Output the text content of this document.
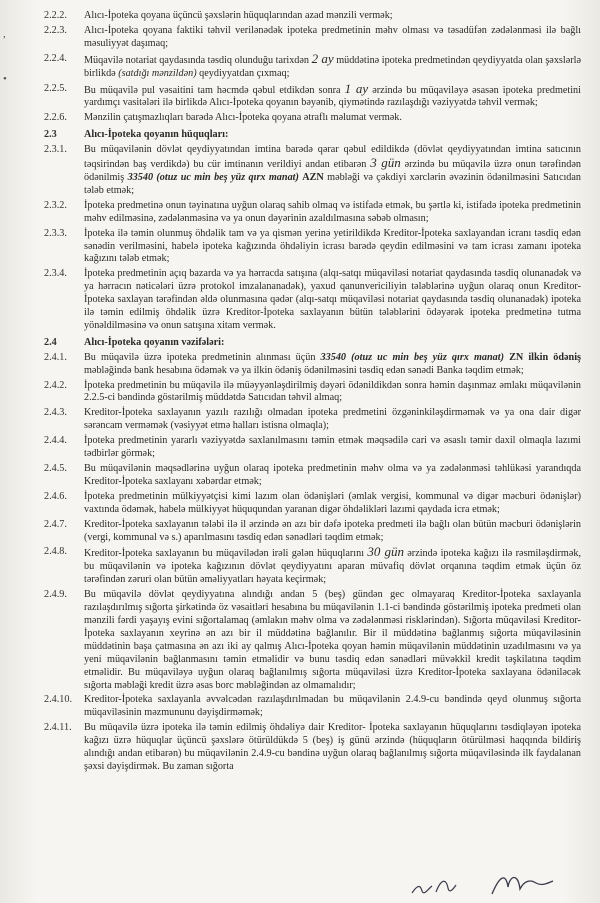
,
•
2.2.2.	Alıcı-İpoteka qoyana üçüncü şəxslərin hüquqlarından azad mənzili vermək;
2.2.3.	Alıcı-İpoteka qoyana faktiki təhvil verilənədək ipoteka predmetinin məhv olması və təsadüfən zədələnməsi ilə bağlı məsuliyyət daşımaq;
2.2.4.	Müqavilə notariat qaydasında təsdiq olunduğu tarixdən 2 ay müddətinə ipoteka predmetindən qeydiyyatda olan şəxslərlə birlikdə (satdığı mənzildən) qeydiyyatdan çıxmaq;
2.2.5.	Bu müqavilə pul vəsaitini tam həcmdə qəbul etdikdən sonra 1 ay ərzində bu müqaviləyə əsasən ipoteka predmetini yardımçı vasitələri ilə birlikdə Alıcı-İpoteka qoyanın bəyənib, qiymətində razılaşdığı vəziyyətdə təhvil vermək;
2.2.6.	Mənzilin çatışmazlıqları barədə Alıcı-İpoteka qoyana ətraflı məlumat vermək.
2.3	Alıcı-İpoteka qoyanın hüquqları:
2.3.1.	Bu müqavilənin dövlət qeydiyyatından imtina barədə qərar qəbul edildikdə (dövlət qeydiyyatından imtina satıcının təqsirindən baş verdikdə) bu cür imtinanın verildiyi andan etibarən 3 gün ərzində bu müqavilə üzrə onun tərəfindən ödənilmiş 33540 (otuz uc min beş yüz qırx manat) AZN məbləği və çəkdiyi xərclərin əvəzinin ödənilməsini Satıcıdan tələb etmək;
2.3.2.	İpoteka predmetinə onun təyinatına uyğun olaraq sahib olmaq və istifadə etmək, bu şərtlə ki, istifadə ipoteka predmetinin məhv edilməsinə, zədələnməsinə və ya onun dəyərinin azaldılmasına səbəb olmasın;
2.3.3.	İpoteka ilə təmin olunmuş öhdəlik tam və ya qismən yerinə yetirildikdə Kreditor-İpoteka saxlayandan icranı təsdiq edən sənədin verilməsini, habelə ipoteka kağızında öhdəliyin icrası barədə qeydin edilməsini və tam icrası zamanı ipoteka kağızını tələb etmək;
2.3.4.	İpoteka predmetinin açıq bazarda və ya hərracda satışına (alqı-satqı müqaviləsi notariat qaydasında təsdiq olunanadək və ya hərracın nəticələri üzrə protokol imzalananadək), yaxud qanunvericiliyin tələblərinə uyğun olaraq onun Kreditor-İpoteka saxlayan tərəfindən əldə olunmasına qədər (alqı-satqı müqaviləsi notariat qaydasında təsdiq olunanadək) ipoteka ilə təmin edilmiş öhdəlik üzrə Kreditor-İpoteka saxlayanın bütün tələblərini ödəyərək ipoteka predmetinə tutma yönəldilməsinə və onun satışına xitam vermək.
2.4	Alıcı-İpoteka qoyanın vəzifələri:
2.4.1.	Bu müqavilə üzrə ipoteka predmetinin alınması üçün 33540 (otuz uc min beş yüz qırx manat) ZN ilkin ödəniş məbləğində bank hesabına ödəmək və ya ilkin ödəniş ödənilməsini təsdiq edən sənədi Banka təqdim etmək;
2.4.2.	İpoteka predmetinin bu müqavilə ilə müəyyənləşdirilmiş dəyəri ödənildikdən sonra həmin daşınmaz əmlakı müqavilənin 2.2.5-ci bəndində göstərilmiş müddətdə Satıcıdan təhvil almaq;
2.4.3.	Kreditor-İpoteka saxlayanın yazılı razılığı olmadan ipoteka predmetini özgəninkiləşdirməmək və ya ona dair digər sərəncam verməmək (vəsiyyət etmə halları istisna olmaqla);
2.4.4.	İpoteka predmetinin yararlı vəziyyətdə saxlanılmasını təmin etmək məqsədilə cari və əsaslı təmir daxil olmaqla lazımi tədbirlər görmək;
2.4.5.	Bu müqavilənin məqsədlərinə uyğun olaraq ipoteka predmetinin məhv olma və ya zədələnməsi təhlükəsi yarandıqda Kreditor-İpoteka saxlayanı xəbərdar etmək;
2.4.6.	İpoteka predmetinin mülkiyyətçisi kimi lazım olan ödənişləri (əmlak vergisi, kommunal və digər məcburi ödənişlər) vaxtında ödəmək, habelə mülkiyyət hüququndan yaranan digər öhdəlikləri lazımi qaydada icra etmək;
2.4.7.	Kreditor-İpoteka saxlayanın tələbi ilə il ərzində ən azı bir dəfə ipoteka predmeti ilə bağlı olan bütün məcburi ödənişlərin (vergi, kommunal və s.) aparılmasını təsdiq edən sənədləri təqdim etmək;
2.4.8.	Kreditor-İpoteka saxlayanın bu müqavilədən irəli gələn hüquqlarını 30 gün ərzində ipoteka kağızı ilə rəsmiləşdirmək, bu müqavilənin və ipoteka kağızının dövlət qeydiyyatını aparan müvafiq dövlət orqanına təqdim etmək üçün öz tərəfindən zəruri olan bütün əməliyyatları həyata keçirmək;
2.4.9.	Bu müqavilə dövlət qeydiyyatına alındığı andan 5 (beş) gündən gec olmayaraq Kreditor-İpoteka saxlayanla razılaşdırılmış sığorta şirkətində öz vəsaitləri hesabına bu müqavilənin 1.1-ci bəndində göstərilmiş ipoteka predmeti olan mənzili fərdi yaşayış evini sığortalamaq (əmlakın məhv olma və zədələnməsi risklərindən). Sığorta müqaviləsi Kreditor-İpoteka saxlayanın xeyrinə ən azı bir il müddətinə bağlanılır. Bir il müddətinə bağlanmış sığorta müqaviləsinin müddətinin başa çatmasına ən azı iki ay qalmış Alıcı-İpoteka qoyan həmin müqavilənin müddətinin uzadılmasını və ya yeni müqavilənin bağlanmasını təmin etməlidir və bunu təsdiq edən sənədləri müvəkkil kredit təşkilatına təqdim etməlidir. Bu müqaviləyə uyğun olaraq bağlanılmış sığorta müqaviləsi üzrə Kreditor-İpoteka saxlayana ödəniləcək sığorta məbləği kredit üzrə əsas borc məbləğindən az olmamalıdır;
2.4.10.	Kreditor-İpoteka saxlayanla əvvəlcədən razılaşdırılmadan bu müqavilənin 2.4.9-cu bəndində qeyd olunmuş sığorta müqaviləsinin məzmununu dəyişdirməmək;
2.4.11.	Bu müqavilə üzrə ipoteka ilə təmin edilmiş öhdəliyə dair Kreditor- İpoteka saxlayanın hüquqlarını təsdiqləyən ipoteka kağızı üzrə hüquqlar üçüncü şəxslərə ötürüldükdə 5 (beş) iş günü ərzində (hüquqların ötürülməsi haqqında bildiriş alındığı andan etibarən) bu müqavilənin 2.4.9-cu bəndinə uyğun olaraq bağlanılmış sığorta müqaviləsində ilk faydalanan şəxsi dəyişdirmək. Bu zaman sığorta
